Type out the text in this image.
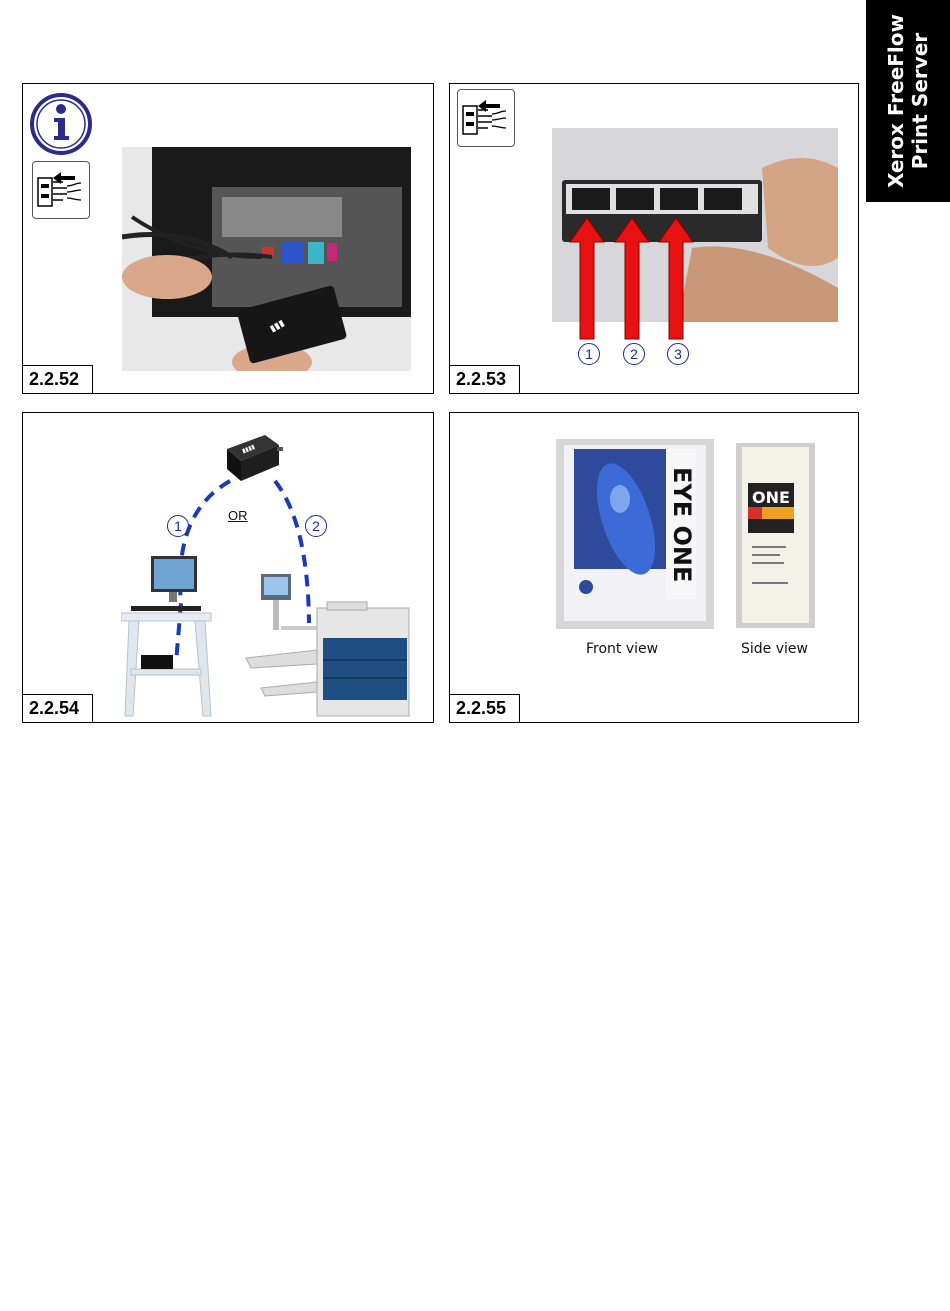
Xerox FreeFlow Print Server
▮▮▮
2.2.52
1	2	3
2.2.53
▮▮▮▮
1	2
OR
2.2.54
EYE ONE	ONE
Front view	Side view
2.2.55
